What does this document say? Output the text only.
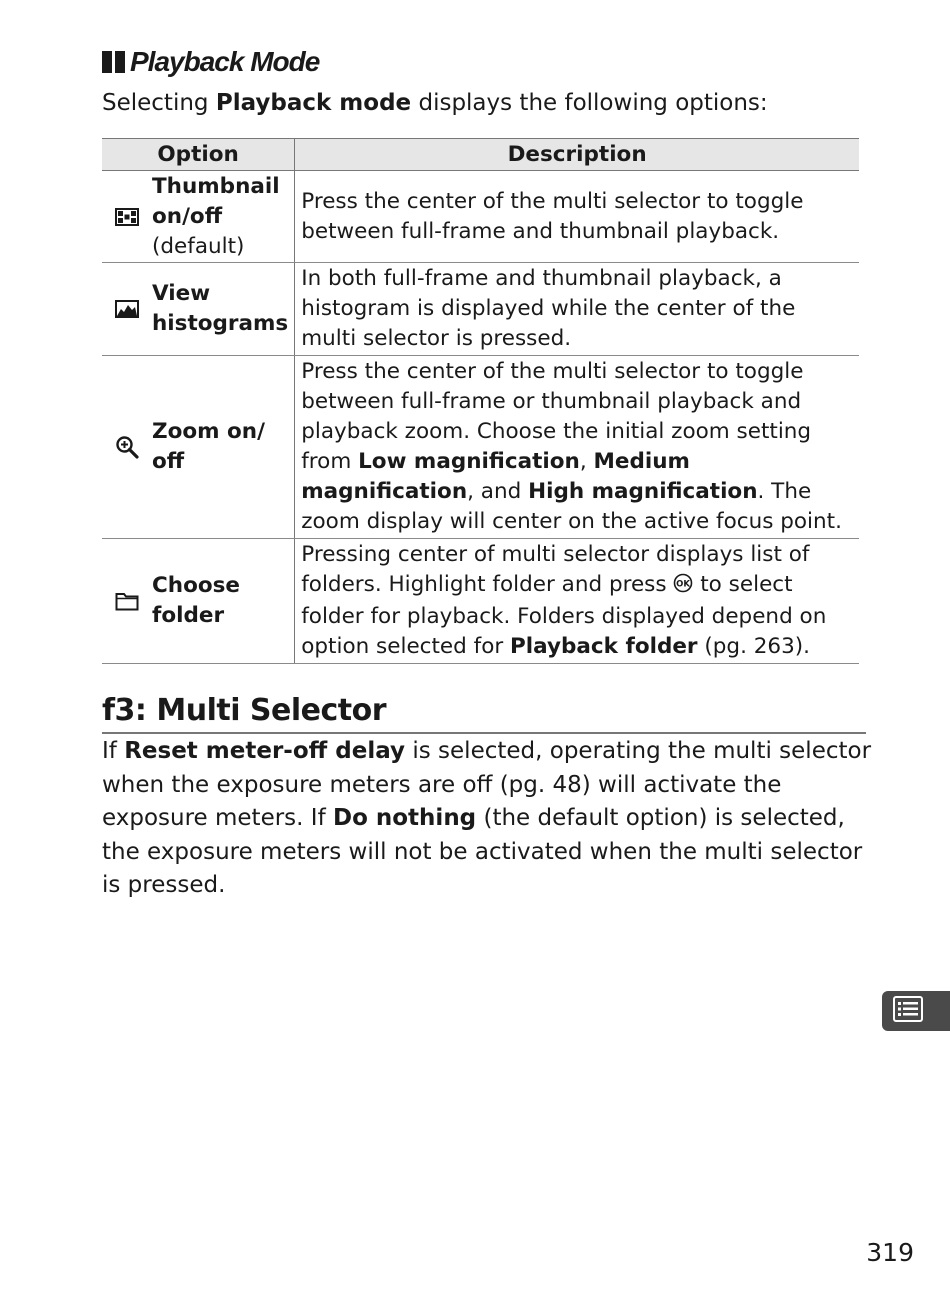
Playback Mode
Selecting Playback mode displays the following options:
Option	Description

Thumbnail
on/off
(default)	Press the center of the multi selector to toggle between full-frame and thumbnail playback.

View
histograms	In both full-frame and thumbnail playback, a histogram is displayed while the center of the multi selector is pressed.

Zoom on/
off	Press the center of the multi selector to toggle between full-frame or thumbnail playback and playback zoom. Choose the initial zoom setting from Low magnification, Medium magnification, and High magnification. The zoom display will center on the active focus point.

Choose
folder	Pressing center of multi selector displays list of folders. Highlight folder and press OK to select folder for playback. Folders displayed depend on option selected for Playback folder (pg. 263).
f3: Multi Selector
If Reset meter-off delay is selected, operating the multi selector when the exposure meters are off (pg. 48) will activate the exposure meters. If Do nothing (the default option) is selected, the exposure meters will not be activated when the multi selector is pressed.
319
